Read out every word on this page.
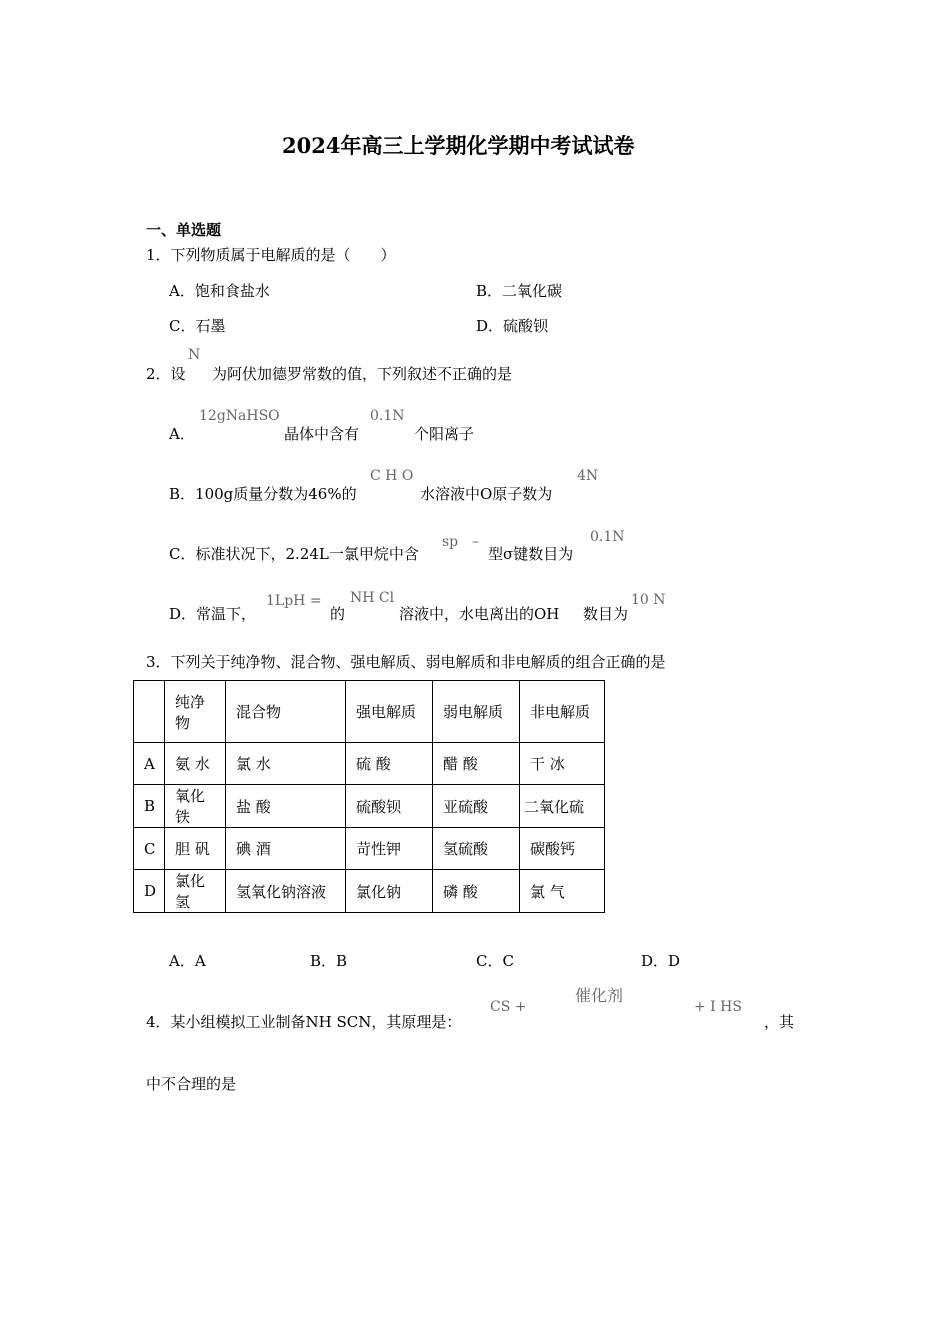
2024年高三上学期化学期中考试试卷
一、单选题
1．下列物质属于电解质的是（　　）
A．饱和食盐水	B．二氧化碳
C．石墨	D．硫酸钡
2．设
N
为阿伏加德罗常数的值，下列叙述不正确的是
A．
12gNaHSO
晶体中含有
0.1N
个阳离子
B．100g质量分数为46%的
C H O
水溶液中O原子数为
4N
C．标准状况下，2.24L一氯甲烷中含
sp　–
型σ键数目为
0.1N
D．常温下，
1LpH =
的
NH Cl
溶液中，水电离出的OH 数目为
10 N
3．下列关于纯净物、混合物、强电解质、弱电解质和非电解质的组合正确的是
	纯净物	混合物	强电解质	弱电解质	非电解质
A	氨 水	氯 水	硫 酸	醋 酸	干 冰
B	氧化铁	盐 酸	硫酸钡	亚硫酸	二氧化硫
C	胆 矾	碘 酒	苛性钾	氢硫酸	碳酸钙
D	氯化氢	氢氧化钠溶液	氯化钠	磷 酸	氯 气
A．A	B．B	C．C	D．D
4．某小组模拟工业制备NH SCN，其原理是：
催化剂
CS +	+ I HS
，其
中不合理的是
